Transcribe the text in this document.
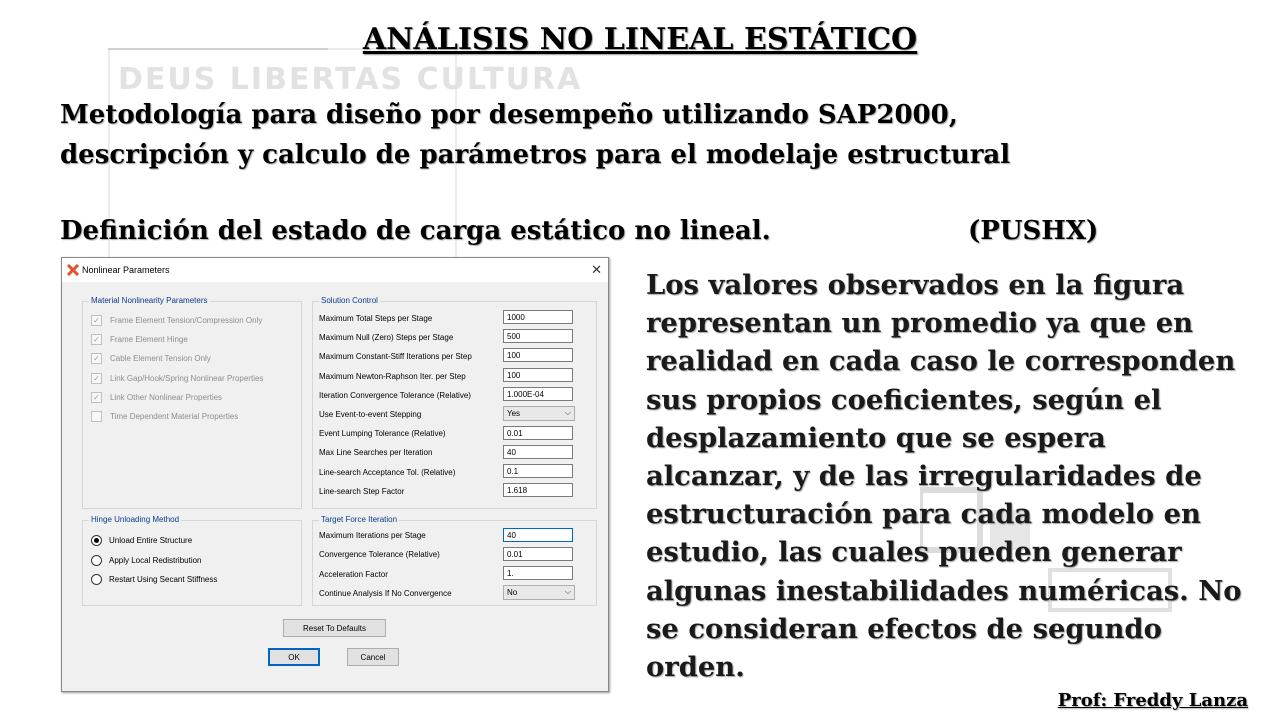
DEUS LIBERTAS CULTURA
ANÁLISIS NO LINEAL ESTÁTICO

Metodología para diseño por desempeño utilizando SAP2000,

descripción y calculo de parámetros para el modelaje estructural

Definición del estado de carga estático no lineal.	(PUSHX)

Nonlinear Parameters	✕
Material Nonlinearity Parameters
✓ Frame Element Tension/Compression Only
✓ Frame Element Hinge
✓ Cable Element Tension Only
✓ Link Gap/Hook/Spring Nonlinear Properties
✓ Link Other Nonlinear Properties
Time Dependent Material Properties
Solution Control
Maximum Total Steps per Stage	1000
Maximum Null (Zero) Steps per Stage	500
Maximum Constant-Stiff Iterations per Step	100
Maximum Newton-Raphson Iter. per Step	100
Iteration Convergence Tolerance (Relative)	1.000E-04
Use Event-to-event Stepping	Yes	⌵
Event Lumping Tolerance (Relative)	0.01
Max Line Searches per Iteration	40
Line-search Acceptance Tol. (Relative)	0.1
Line-search Step Factor	1.618
Hinge Unloading Method
Unload Entire Structure
Apply Local Redistribution
Restart Using Secant Stiffness
Target Force Iteration
Maximum Iterations per Stage	40
Convergence Tolerance (Relative)	0.01
Acceleration Factor	1.
Continue Analysis If No Convergence	No	⌵
Reset To Defaults
OK	Cancel

Los valores observados en la figura representan un promedio ya que en realidad en cada caso le corresponden sus propios coeficientes, según el desplazamiento que se espera alcanzar, y de las irregularidades de estructuración para cada modelo en estudio, las cuales pueden generar algunas inestabilidades numéricas. No se consideran efectos de segundo orden.

Prof: Freddy Lanza
